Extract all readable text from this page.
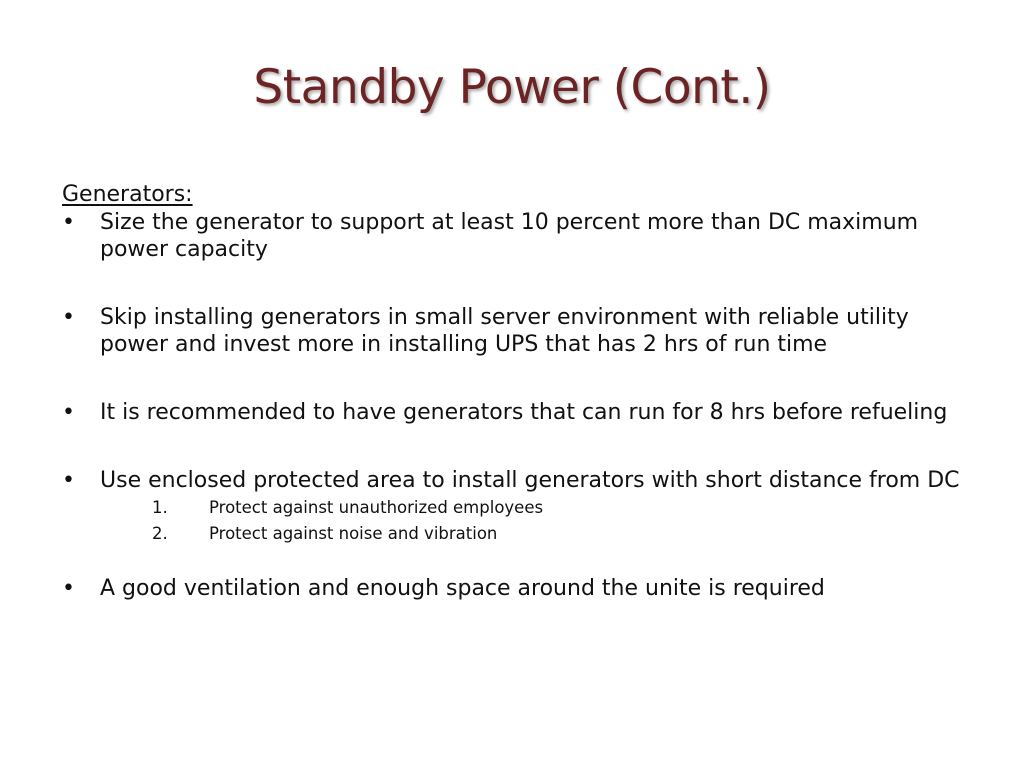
Standby Power (Cont.)
Generators:
•	Size the generator to support at least 10 percent more than DC maximum power capacity
•	Skip installing generators in small server environment with reliable utility power and invest more in installing UPS that has 2 hrs of run time
•	It is recommended to have generators that can run for 8 hrs before refueling
•	Use enclosed protected area to install generators with short distance from DC
1.	Protect against unauthorized employees
2.	Protect against noise and vibration
•	A good ventilation and enough space around the unite is required
